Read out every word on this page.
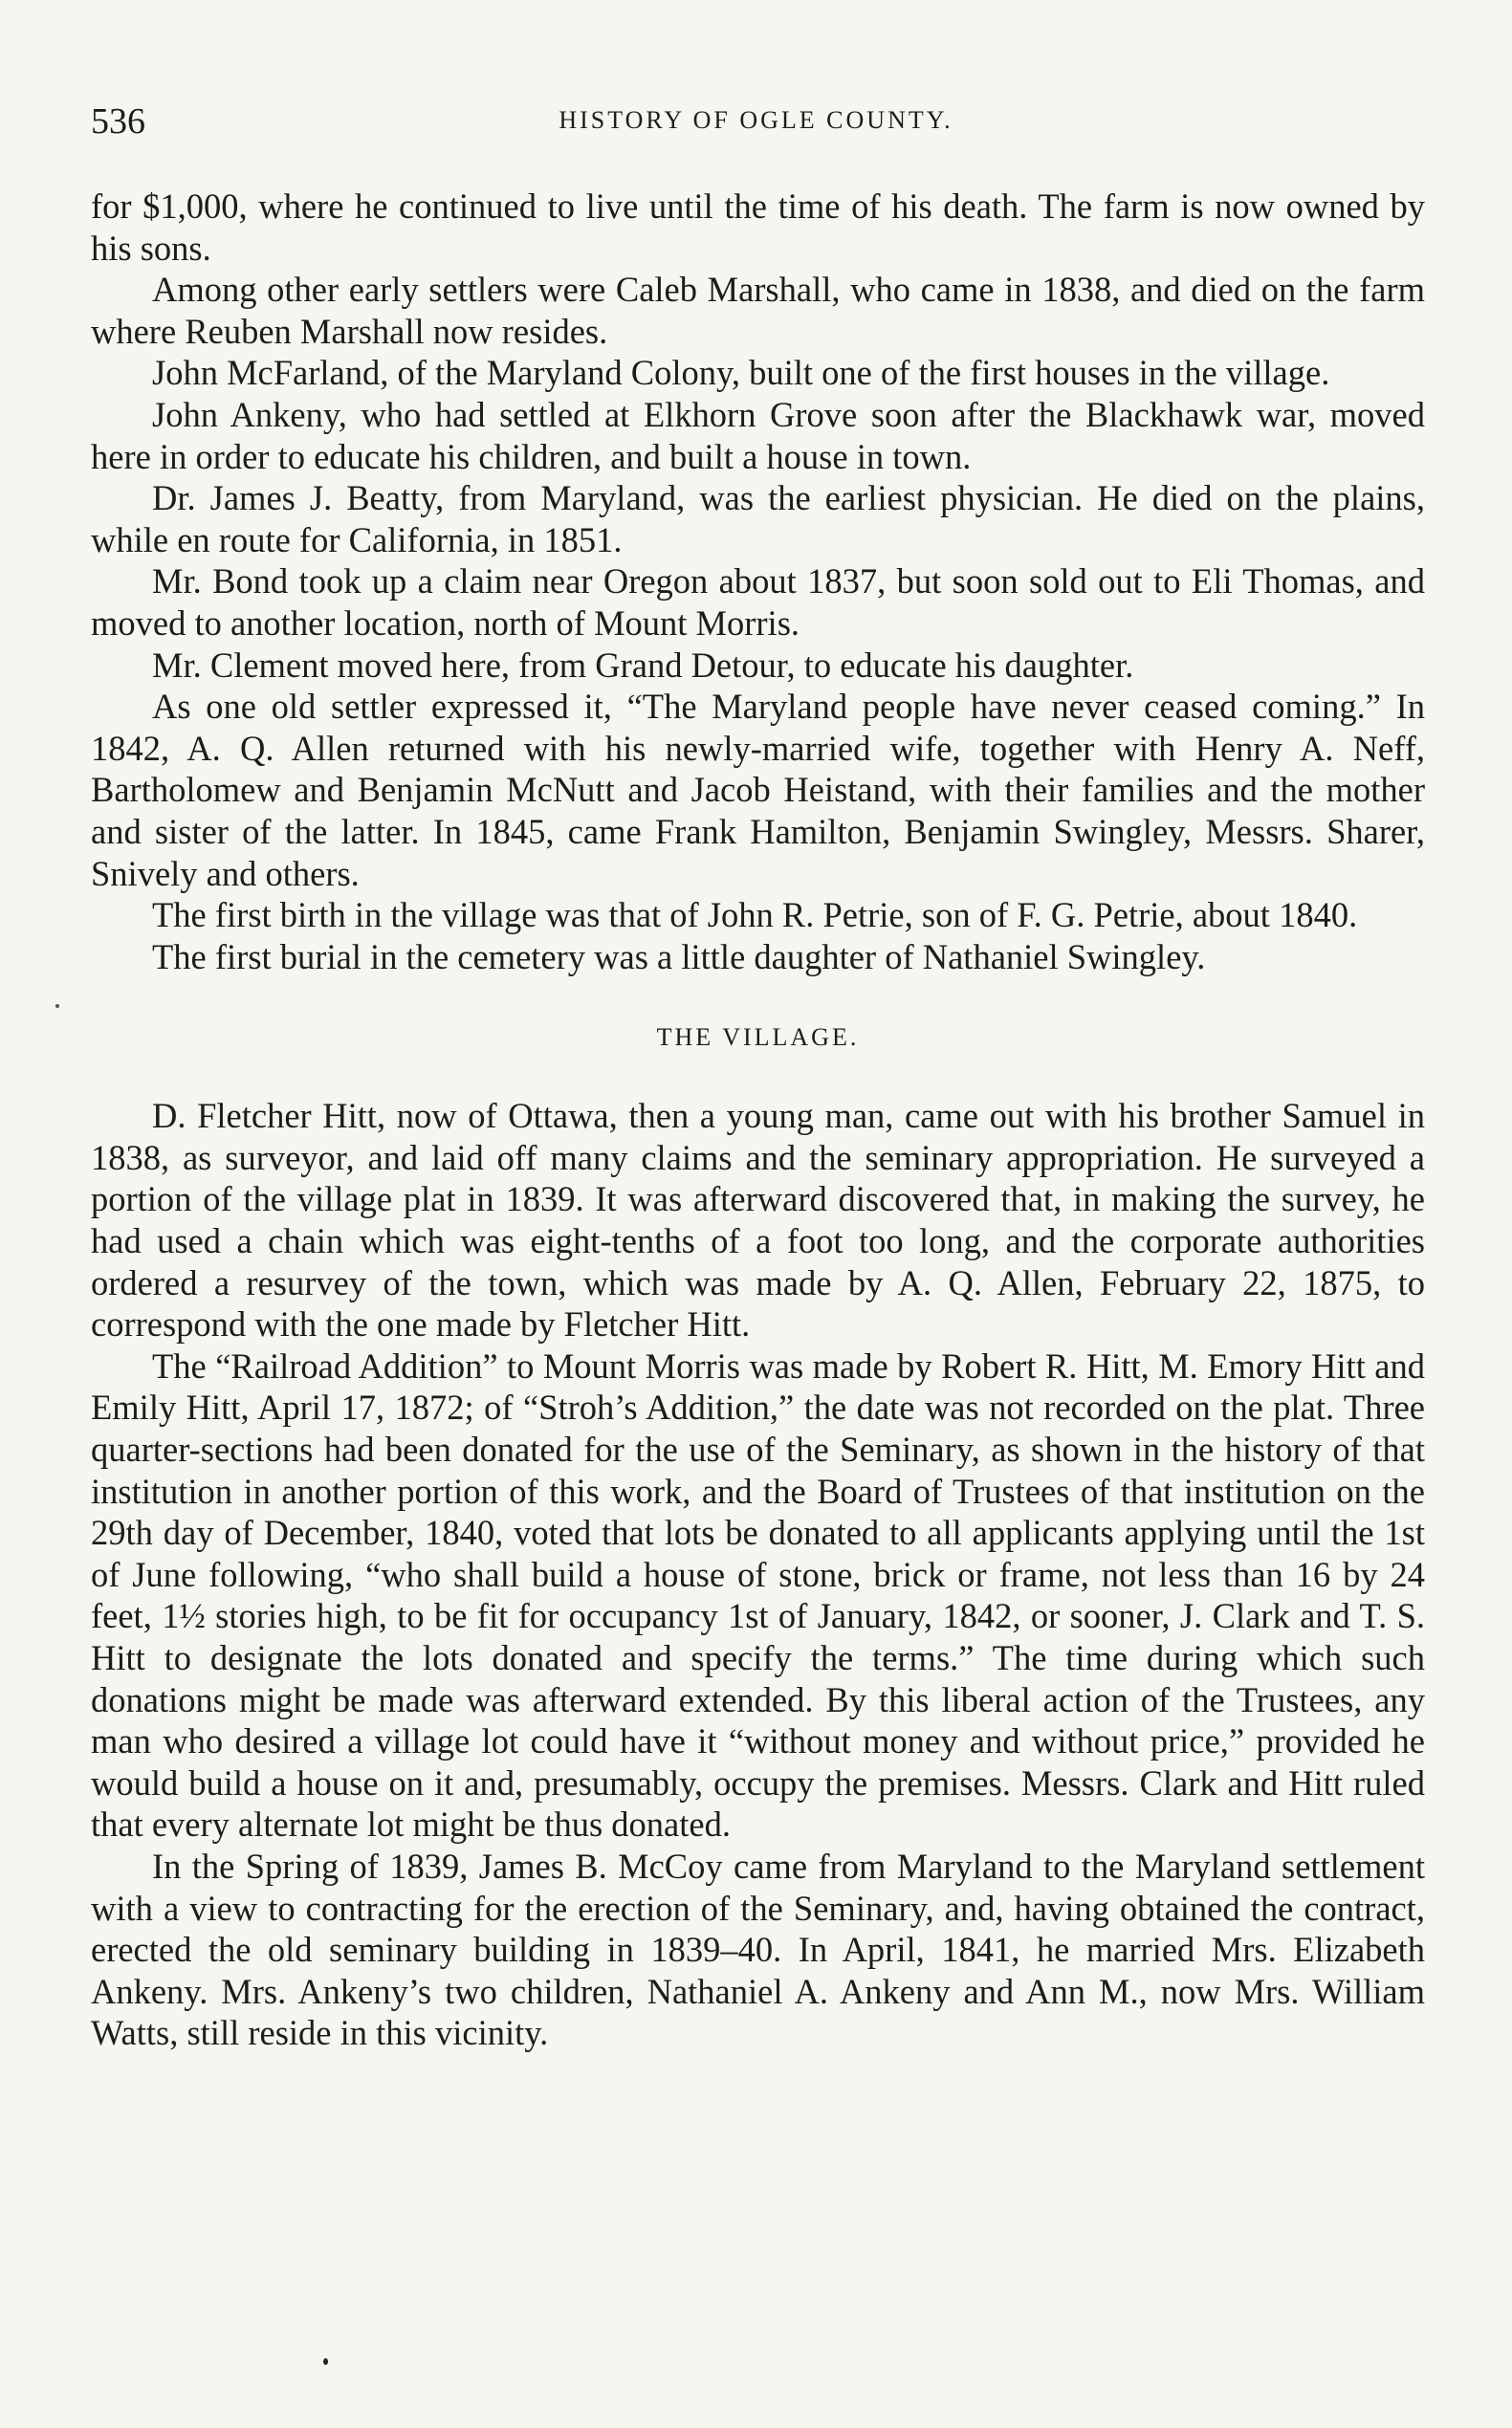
536	HISTORY OF OGLE COUNTY.

for $1,000, where he continued to live until the time of his death. The farm is now owned by his sons.

Among other early settlers were Caleb Marshall, who came in 1838, and died on the farm where Reuben Marshall now resides.

John McFarland, of the Maryland Colony, built one of the first houses in the village.

John Ankeny, who had settled at Elkhorn Grove soon after the Blackhawk war, moved here in order to educate his children, and built a house in town.

Dr. James J. Beatty, from Maryland, was the earliest physician. He died on the plains, while en route for California, in 1851.

Mr. Bond took up a claim near Oregon about 1837, but soon sold out to Eli Thomas, and moved to another location, north of Mount Morris.

Mr. Clement moved here, from Grand Detour, to educate his daughter.

As one old settler expressed it, “The Maryland people have never ceased coming.” In 1842, A. Q. Allen returned with his newly-married wife, together with Henry A. Neff, Bartholomew and Benjamin McNutt and Jacob Heistand, with their families and the mother and sister of the latter. In 1845, came Frank Hamilton, Benjamin Swingley, Messrs. Sharer, Snively and others.

The first birth in the village was that of John R. Petrie, son of F. G. Petrie, about 1840.

The first burial in the cemetery was a little daughter of Nathaniel Swingley.

THE VILLAGE.

D. Fletcher Hitt, now of Ottawa, then a young man, came out with his brother Samuel in 1838, as surveyor, and laid off many claims and the seminary appropriation. He surveyed a portion of the village plat in 1839. It was afterward discovered that, in making the survey, he had used a chain which was eight-tenths of a foot too long, and the corporate authorities ordered a resurvey of the town, which was made by A. Q. Allen, February 22, 1875, to correspond with the one made by Fletcher Hitt.

The “Railroad Addition” to Mount Morris was made by Robert R. Hitt, M. Emory Hitt and Emily Hitt, April 17, 1872; of “Stroh’s Addition,” the date was not recorded on the plat. Three quarter-sections had been donated for the use of the Seminary, as shown in the history of that institution in another portion of this work, and the Board of Trustees of that institution on the 29th day of December, 1840, voted that lots be donated to all applicants applying until the 1st of June following, “who shall build a house of stone, brick or frame, not less than 16 by 24 feet, 1½ stories high, to be fit for occupancy 1st of January, 1842, or sooner, J. Clark and T. S. Hitt to designate the lots donated and specify the terms.” The time during which such donations might be made was afterward extended. By this liberal action of the Trustees, any man who desired a village lot could have it “without money and without price,” provided he would build a house on it and, presumably, occupy the premises. Messrs. Clark and Hitt ruled that every alternate lot might be thus donated.

In the Spring of 1839, James B. McCoy came from Maryland to the Maryland settlement with a view to contracting for the erection of the Seminary, and, having obtained the contract, erected the old seminary building in 1839–40. In April, 1841, he married Mrs. Elizabeth Ankeny. Mrs. Ankeny’s two children, Nathaniel A. Ankeny and Ann M., now Mrs. William Watts, still reside in this vicinity.
